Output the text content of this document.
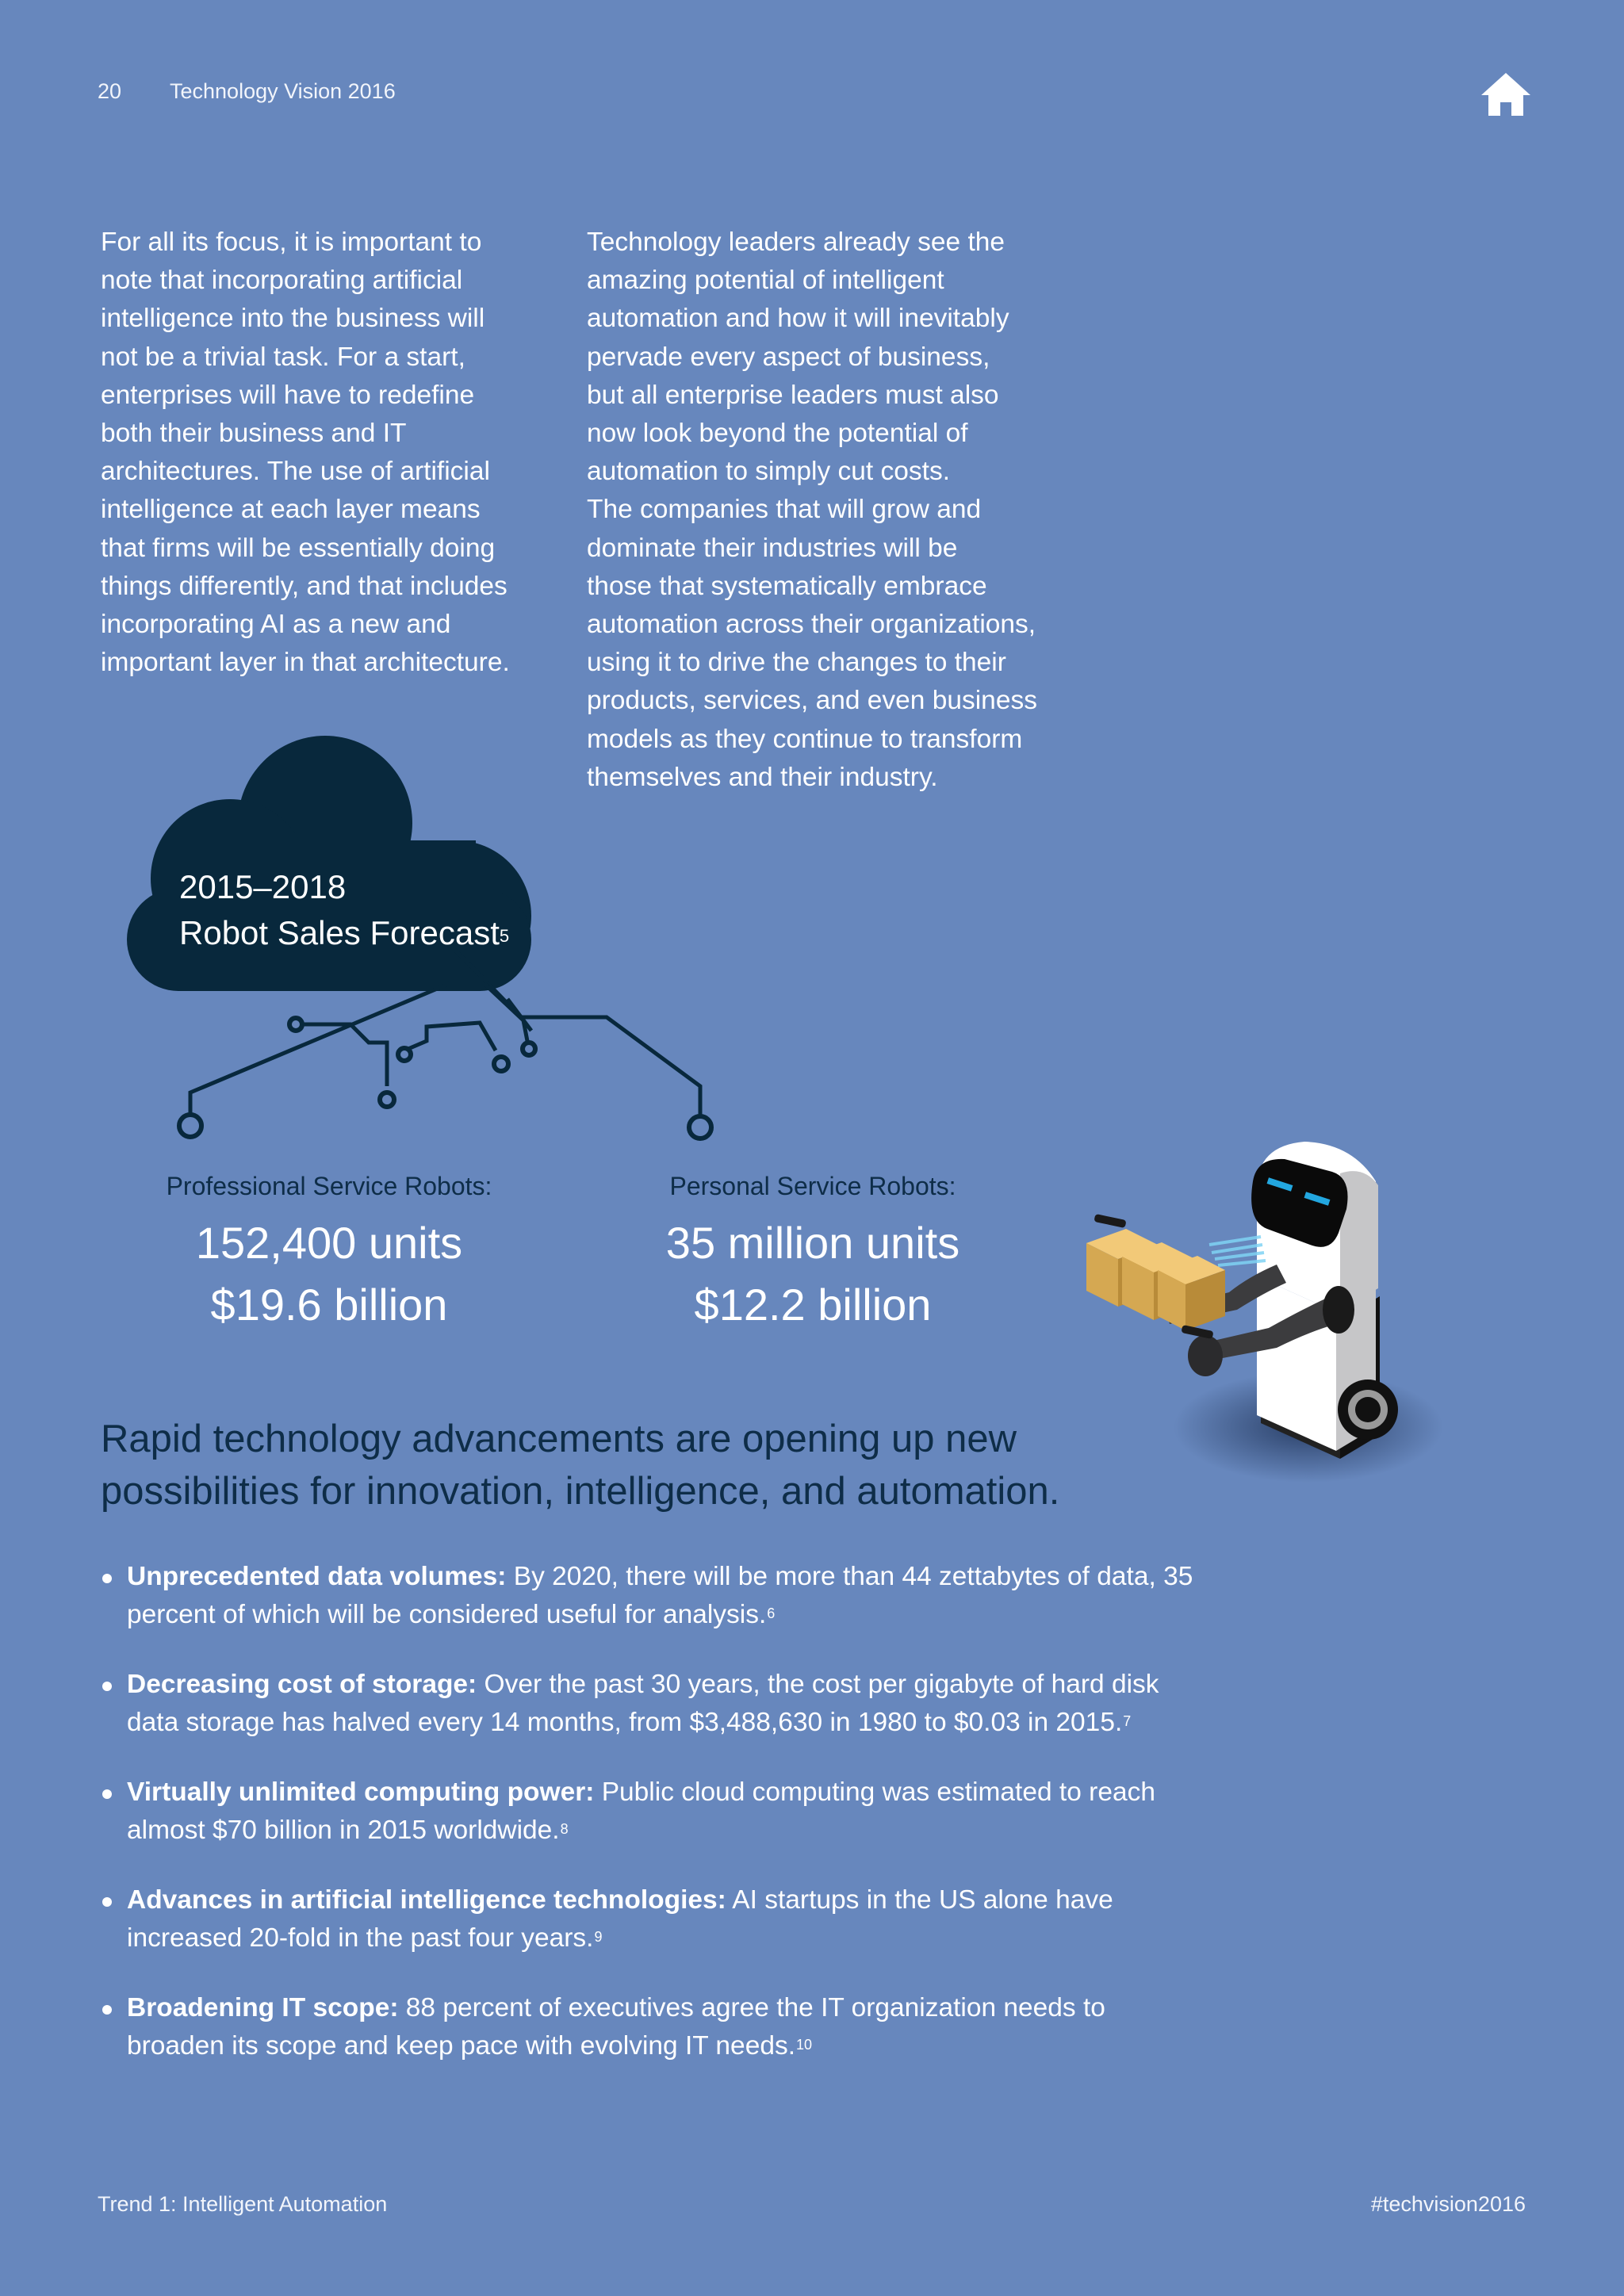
20 Technology Vision 2016

For all its focus, it is important to
note that incorporating artificial
intelligence into the business will
not be a trivial task. For a start,
enterprises will have to redefine
both their business and IT
architectures. The use of artificial
intelligence at each layer means
that firms will be essentially doing
things differently, and that includes
incorporating AI as a new and
important layer in that architecture.

Technology leaders already see the
amazing potential of intelligent
automation and how it will inevitably
pervade every aspect of business,
but all enterprise leaders must also
now look beyond the potential of
automation to simply cut costs.
The companies that will grow and
dominate their industries will be
those that systematically embrace
automation across their organizations,
using it to drive the changes to their
products, services, and even business
models as they continue to transform
themselves and their industry.

2015–2018
Robot Sales Forecast$^5$
Professional Service Robots:
152,400 units
$19.6 billion
Personal Service Robots:
35 million units
$12.2 billion
Rapid technology advancements are opening up new possibilities for innovation, intelligence, and automation.
Unprecedented data volumes: By 2020, there will be more than 44 zettabytes of data, 35 percent of which will be considered useful for analysis.$^6$
Decreasing cost of storage: Over the past 30 years, the cost per gigabyte of hard disk data storage has halved every 14 months, from $3,488,630 in 1980 to $0.03 in 2015.$^7$
Virtually unlimited computing power: Public cloud computing was estimated to reach almost $70 billion in 2015 worldwide.$^8$
Advances in artificial intelligence technologies: AI startups in the US alone have increased 20-fold in the past four years.$^9$
Broadening IT scope: 88 percent of executives agree the IT organization needs to broaden its scope and keep pace with evolving IT needs.$^{10}$
Trend 1: Intelligent Automation	#techvision2016
